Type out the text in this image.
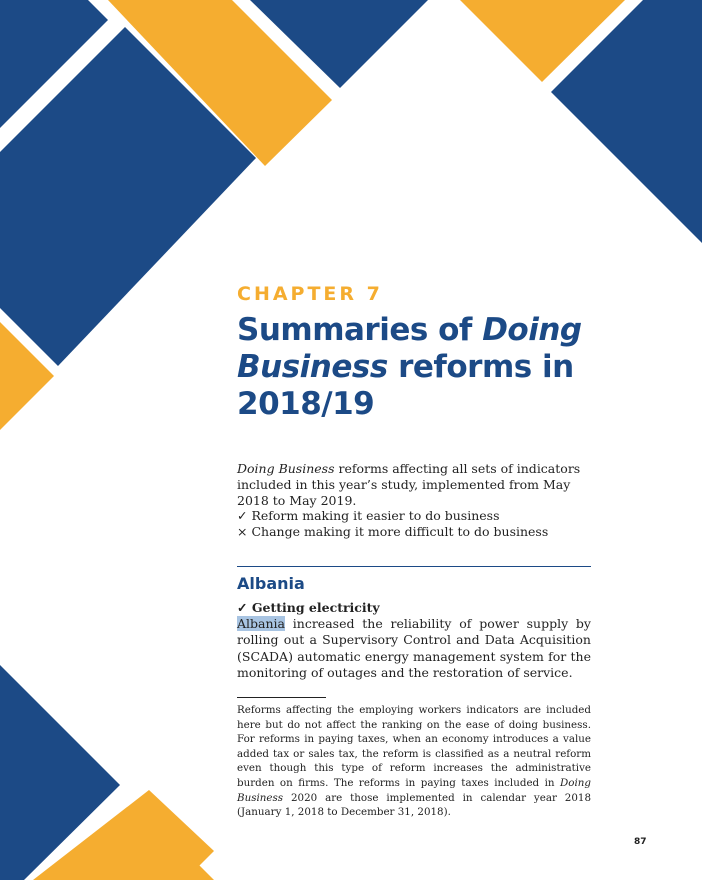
CHAPTER 7
Summaries of Doing
Business reforms in
2018/19
Doing Business reforms affecting all sets of indicators included in this year’s study, implemented from May 2018 to May 2019.
✓ Reform making it easier to do business
× Change making it more difficult to do business
Albania
✓ Getting electricity
Albania increased the reliability of power supply by rolling out a Supervisory Control and Data Acquisition (SCADA) automatic energy management system for the monitoring of outages and the restoration of service.
Reforms affecting the employing workers indicators are included here but do not affect the ranking on the ease of doing business. For reforms in paying taxes, when an economy introduces a value added tax or sales tax, the reform is classified as a neutral reform even though this type of reform increases the administrative burden on firms. The reforms in paying taxes included in Doing Business 2020 are those implemented in calendar year 2018 (January 1, 2018 to December 31, 2018).
87
